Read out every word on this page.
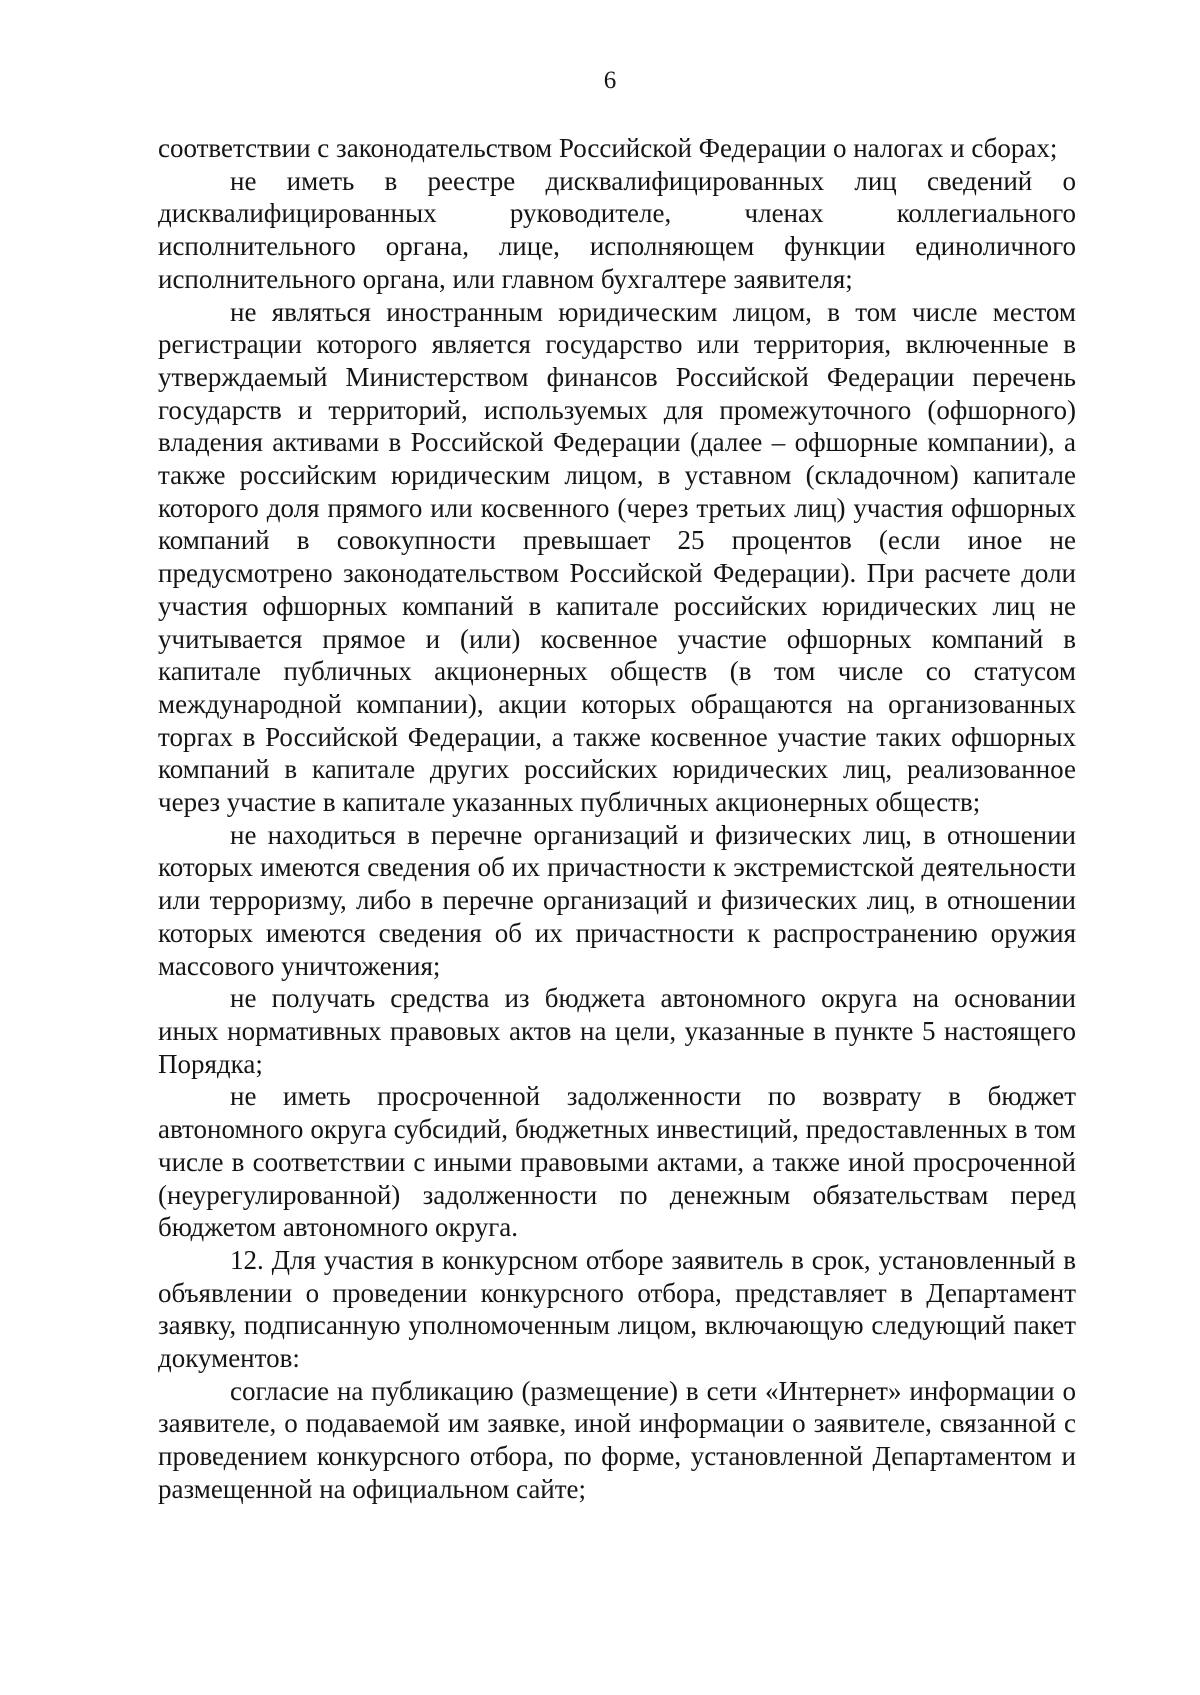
6

соответствии с законодательством Российской Федерации о налогах и сборах;

не иметь в реестре дисквалифицированных лиц сведений о дисквалифицированных руководителе, членах коллегиального исполнительного органа, лице, исполняющем функции единоличного исполнительного органа, или главном бухгалтере заявителя;

не являться иностранным юридическим лицом, в том числе местом регистрации которого является государство или территория, включенные в утверждаемый Министерством финансов Российской Федерации перечень государств и территорий, используемых для промежуточного (офшорного) владения активами в Российской Федерации (далее – офшорные компании), а также российским юридическим лицом, в уставном (складочном) капитале которого доля прямого или косвенного (через третьих лиц) участия офшорных компаний в совокупности превышает 25 процентов (если иное не предусмотрено законодательством Российской Федерации). При расчете доли участия офшорных компаний в капитале российских юридических лиц не учитывается прямое и (или) косвенное участие офшорных компаний в капитале публичных акционерных обществ (в том числе со статусом международной компании), акции которых обращаются на организованных торгах в Российской Федерации, а также косвенное участие таких офшорных компаний в капитале других российских юридических лиц, реализованное через участие в капитале указанных публичных акционерных обществ;

не находиться в перечне организаций и физических лиц, в отношении которых имеются сведения об их причастности к экстремистской деятельности или терроризму, либо в перечне организаций и физических лиц, в отношении которых имеются сведения об их причастности к распространению оружия массового уничтожения;

не получать средства из бюджета автономного округа на основании иных нормативных правовых актов на цели, указанные в пункте 5 настоящего Порядка;

не иметь просроченной задолженности по возврату в бюджет автономного округа субсидий, бюджетных инвестиций, предоставленных в том числе в соответствии с иными правовыми актами, а также иной просроченной (неурегулированной) задолженности по денежным обязательствам перед бюджетом автономного округа.

12. Для участия в конкурсном отборе заявитель в срок, установленный в объявлении о проведении конкурсного отбора, представляет в Департамент заявку, подписанную уполномоченным лицом, включающую следующий пакет документов:

согласие на публикацию (размещение) в сети «Интернет» информации о заявителе, о подаваемой им заявке, иной информации о заявителе, связанной с проведением конкурсного отбора, по форме, установленной Департаментом и размещенной на официальном сайте;
